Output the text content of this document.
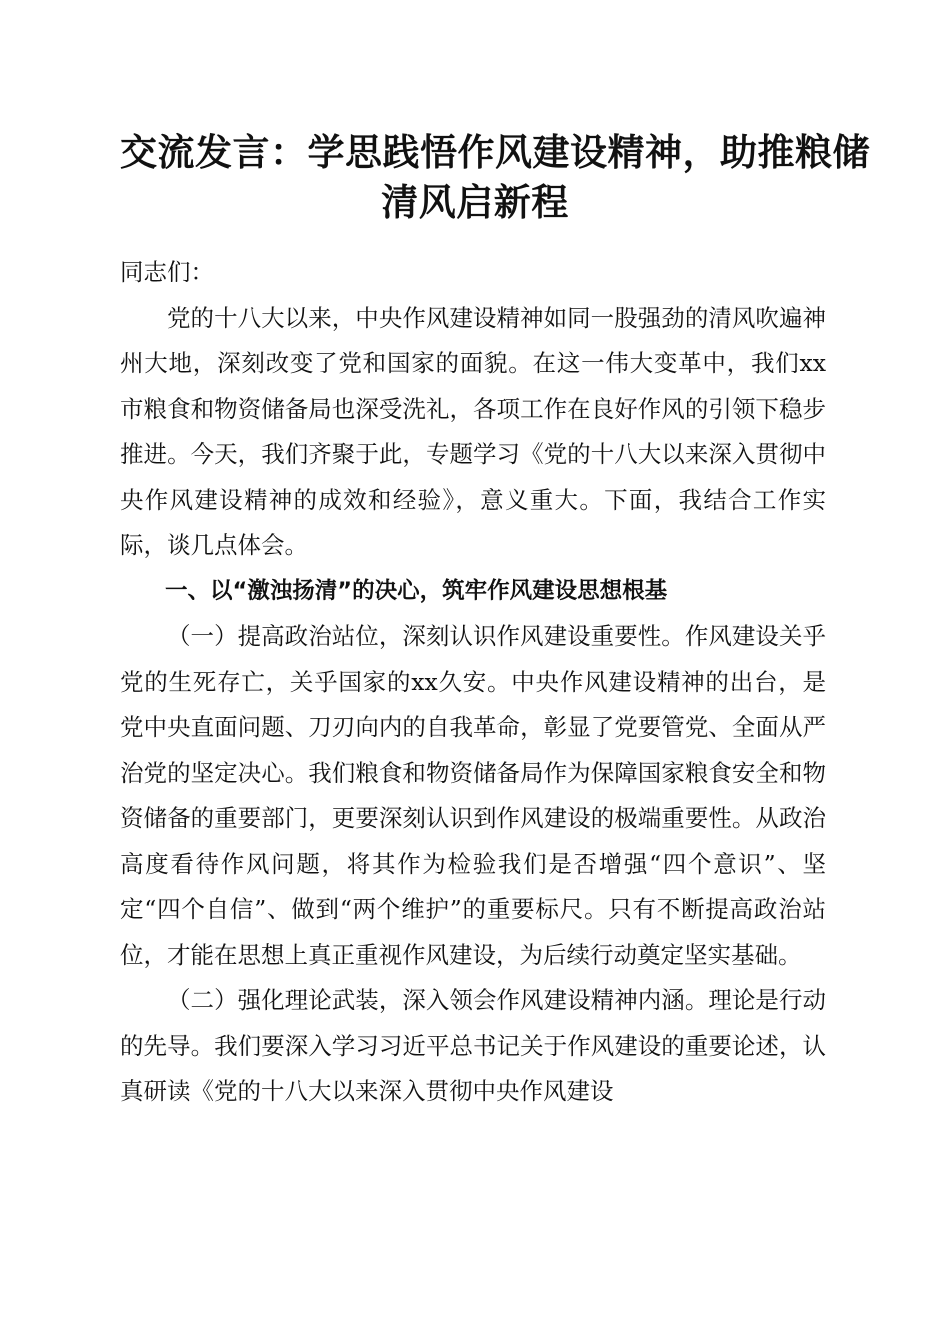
交流发言：学思践悟作风建设精神，助推粮储
清风启新程

同志们：

党的十八大以来，中央作风建设精神如同一股强劲的清风吹遍神州大地，深刻改变了党和国家的面貌。在这一伟大变革中，我们xx市粮食和物资储备局也深受洗礼，各项工作在良好作风的引领下稳步推进。今天，我们齐聚于此，专题学习《党的十八大以来深入贯彻中央作风建设精神的成效和经验》，意义重大。下面，我结合工作实际，谈几点体会。

一、以“激浊扬清”的决心，筑牢作风建设思想根基

（一）提高政治站位，深刻认识作风建设重要性。作风建设关乎党的生死存亡，关乎国家的xx久安。中央作风建设精神的出台，是党中央直面问题、刀刃向内的自我革命，彰显了党要管党、全面从严治党的坚定决心。我们粮食和物资储备局作为保障国家粮食安全和物资储备的重要部门，更要深刻认识到作风建设的极端重要性。从政治高度看待作风问题，将其作为检验我们是否增强“四个意识”、坚定“四个自信”、做到“两个维护”的重要标尺。只有不断提高政治站位，才能在思想上真正重视作风建设，为后续行动奠定坚实基础。

（二）强化理论武装，深入领会作风建设精神内涵。理论是行动的先导。我们要深入学习习近平总书记关于作风建设的重要论述，认真研读《党的十八大以来深入贯彻中央作风建设
